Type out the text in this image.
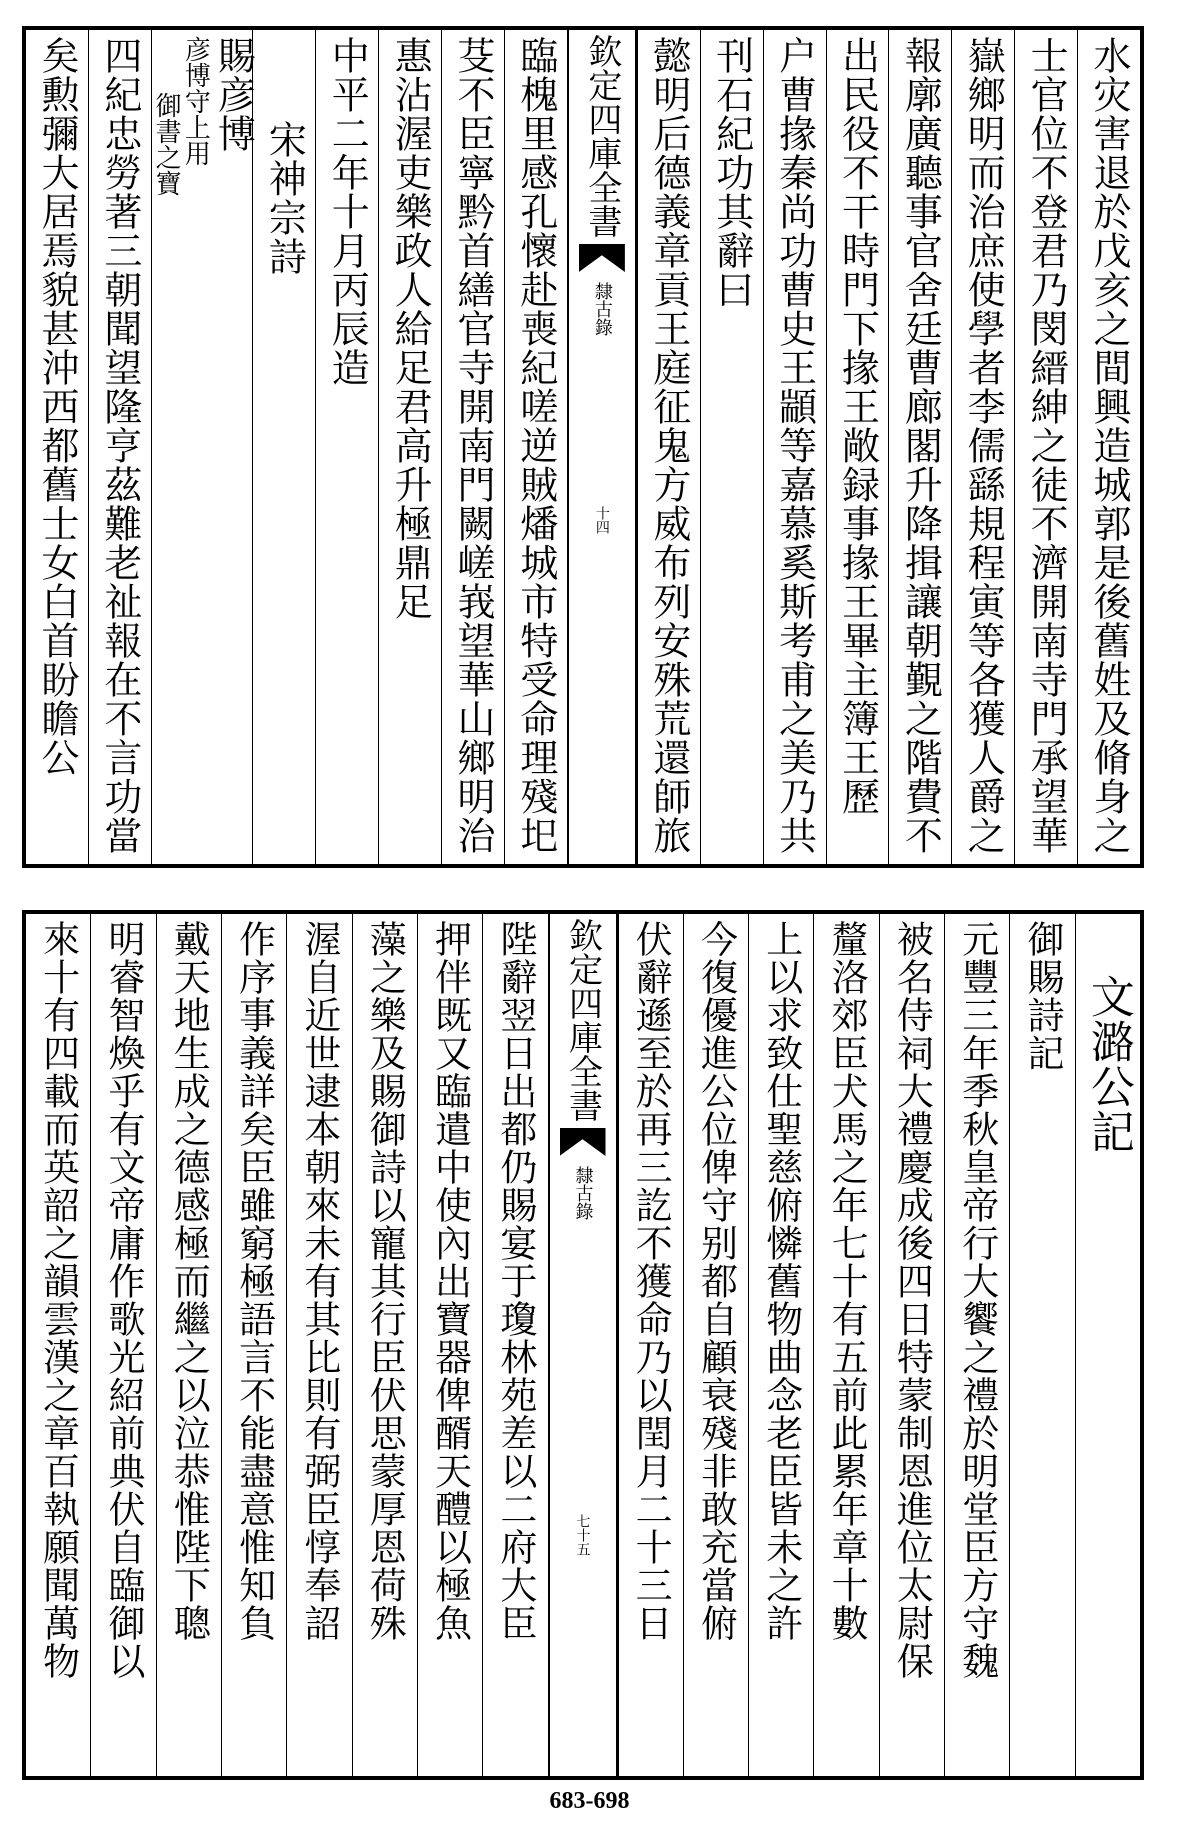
水灾害退於戊亥之間興造城郭是後舊姓及脩身之
士官位不登君乃閔縉紳之徒不濟開南寺門承望華
嶽鄉明而治庶使學者李儒繇規程寅等各獲人爵之
報廓廣聽事官舍廷曹廊閣升降揖讓朝覲之階費不
出民役不干時門下掾王敞録事掾王畢主簿王歷
户曹掾秦尚功曹史王顓等嘉慕奚斯考甫之美乃共
刊石紀功其辭曰
懿明后德義章貢王庭征鬼方威布列安殊荒還師旅
欽定四庫全書
隸古錄
十四
臨槐里感孔懷赴喪紀嗟逆賊燔城市特受命理殘圯
芟不臣寧黔首繕官寺開南門闕嵯峩望華山鄉明治
惠沾渥吏樂政人給足君高升極鼎足
中平二年十月丙辰造
宋神宗詩
賜彦博
彦博守上用
御書之寶
四紀忠勞著三朝聞望隆亨茲難老祉報在不言功當
矣勲彌大居焉貌甚沖西都舊士女白首盼瞻公
文潞公記
御賜詩記
元豐三年季秋皇帝行大饗之禮於明堂臣方守魏
被名侍祠大禮慶成後四日特蒙制恩進位太尉保
釐洛郊臣犬馬之年七十有五前此累年章十數
上以求致仕聖慈俯憐舊物曲念老臣皆未之許
今復優進公位俾守别都自顧衰殘非敢充當俯
伏辭遜至於再三訖不獲命乃以閏月二十三日
欽定四庫全書
隸古錄
七十五
陛辭翌日出都仍賜宴于瓊林苑差以二府大臣
押伴既又臨遣中使內出寶器俾醑天醴以極魚
藻之樂及賜御詩以寵其行臣伏思蒙厚恩荷殊
渥自近世逮本朝來未有其比則有弼臣惇奉詔
作序事義詳矣臣雖窮極語言不能盡意惟知負
戴天地生成之德感極而繼之以泣恭惟陛下聰
明睿智煥乎有文帝庸作歌光紹前典伏自臨御以
來十有四載而英韶之韻雲漢之章百執願聞萬物
683-698
